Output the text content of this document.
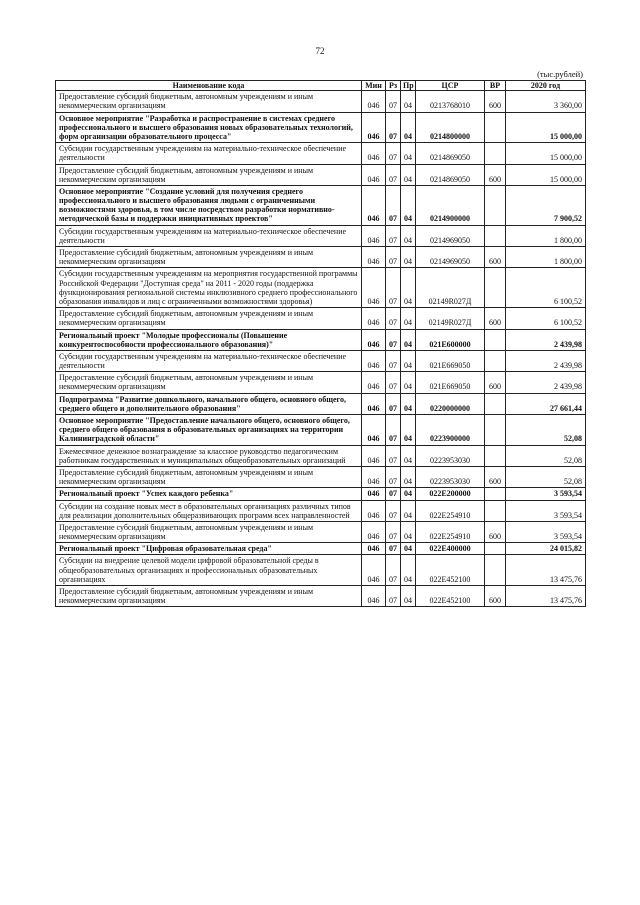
72
(тыс.рублей)
Наименование кода	Мин	Рз	Пр	ЦСР	ВР	2020 год
Предоставление субсидий бюджетным, автономным учреждениям и иным некоммерческим организациям	046	07	04	0213768010	600	3 360,00
Основное мероприятие "Разработка и распространение в системах среднего профессионального и высшего образования новых образовательных технологий, форм организации образовательного процесса"	046	07	04	0214800000		15 000,00
Субсидии государственным учреждениям на материально-техническое обеспечение деятельности	046	07	04	0214869050		15 000,00
Предоставление субсидий бюджетным, автономным учреждениям и иным некоммерческим организациям	046	07	04	0214869050	600	15 000,00
Основное мероприятие "Создание условий для получения среднего профессионального и высшего образования людьми с ограниченными возможностями здоровья, в том числе посредством разработки нормативно- методической базы и поддержки инициативных проектов"	046	07	04	0214900000		7 900,52
Субсидии государственным учреждениям на материально-техническое обеспечение деятельности	046	07	04	0214969050		1 800,00
Предоставление субсидий бюджетным, автономным учреждениям и иным некоммерческим организациям	046	07	04	0214969050	600	1 800,00
Субсидии государственным учреждениям на мероприятия государственной программы Российской Федерации "Доступная среда" на 2011 - 2020 годы (поддержка функционирования региональной системы инклюзивного среднего профессионального образования инвалидов и лиц с ограниченными возможностями здоровья)	046	07	04	02149R027Д		6 100,52
Предоставление субсидий бюджетным, автономным учреждениям и иным некоммерческим организациям	046	07	04	02149R027Д	600	6 100,52
Региональный проект "Молодые профессионалы (Повышение конкурентоспособности профессионального образования)"	046	07	04	021E600000		2 439,98
Субсидии государственным учреждениям на материально-техническое обеспечение деятельности	046	07	04	021E669050		2 439,98
Предоставление субсидий бюджетным, автономным учреждениям и иным некоммерческим организациям	046	07	04	021E669050	600	2 439,98
Подпрограмма "Развитие дошкольного, начального общего, основного общего, среднего общего и дополнительного образования"	046	07	04	0220000000		27 661,44
Основное мероприятие "Предоставление начального общего, основного общего, среднего общего образования в образовательных организациях на территории Калининградской области"	046	07	04	0223900000		52,08
Ежемесячное денежное вознаграждение за классное руководство педагогическим работникам государственных и муниципальных общеобразовательных организаций	046	07	04	0223953030		52,08
Предоставление субсидий бюджетным, автономным учреждениям и иным некоммерческим организациям	046	07	04	0223953030	600	52,08
Региональный проект "Успех каждого ребенка"	046	07	04	022E200000		3 593,54
Субсидии на создание новых мест в образовательных организациях различных типов для реализации дополнительных общеразвивающих программ всех направленностей	046	07	04	022E254910		3 593,54
Предоставление субсидий бюджетным, автономным учреждениям и иным некоммерческим организациям	046	07	04	022E254910	600	3 593,54
Региональный проект "Цифровая образовательная среда"	046	07	04	022E400000		24 015,82
Субсидии на внедрение целевой модели цифровой образовательной среды в общеобразовательных организациях и профессиональных образовательных организациях	046	07	04	022E452100		13 475,76
Предоставление субсидий бюджетным, автономным учреждениям и иным некоммерческим организациям	046	07	04	022E452100	600	13 475,76
